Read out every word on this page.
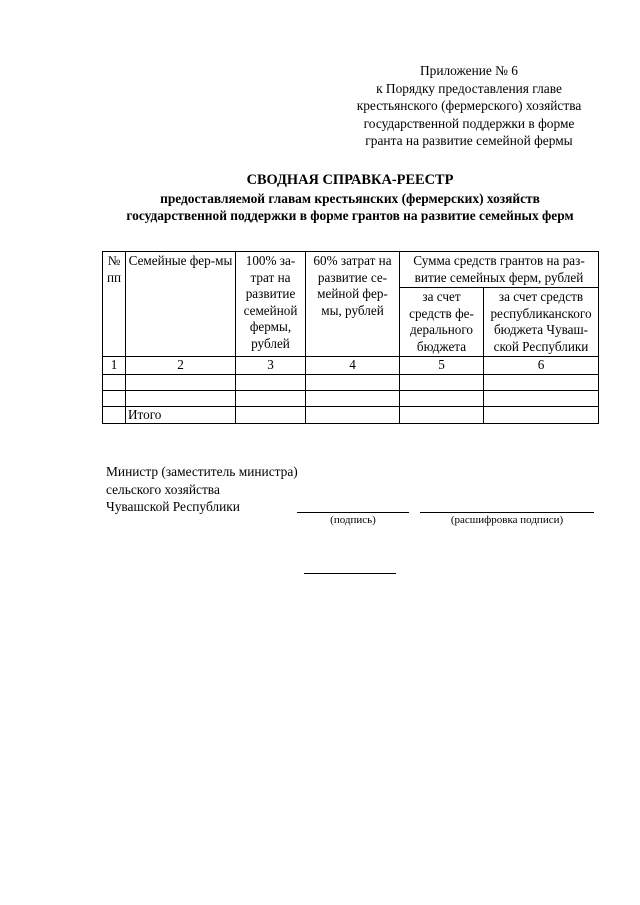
Приложение № 6
к Порядку предоставления главе
крестьянского (фермерского) хозяйства
государственной поддержки в форме
гранта на развитие семейной фермы
СВОДНАЯ СПРАВКА-РЕЕСТР
предоставляемой главам крестьянских (фермерских) хозяйств
государственной поддержки в форме грантов на развитие семейных ферм
№ пп	Семейные фер-мы	100% за-трат на развитие семейной фермы, рублей	60% затрат на развитие се-мейной фер-мы, рублей	Сумма средств грантов на раз-витие семейных ферм, рублей	
				за счет средств фе-дерального бюджета	за счет средств республиканского бюджета Чуваш-ской Республики
1	2	3	4	5	6

	Итого				
Министр (заместитель министра)
сельского хозяйства
Чувашской Республики
(подпись)	(расшифровка подписи)
